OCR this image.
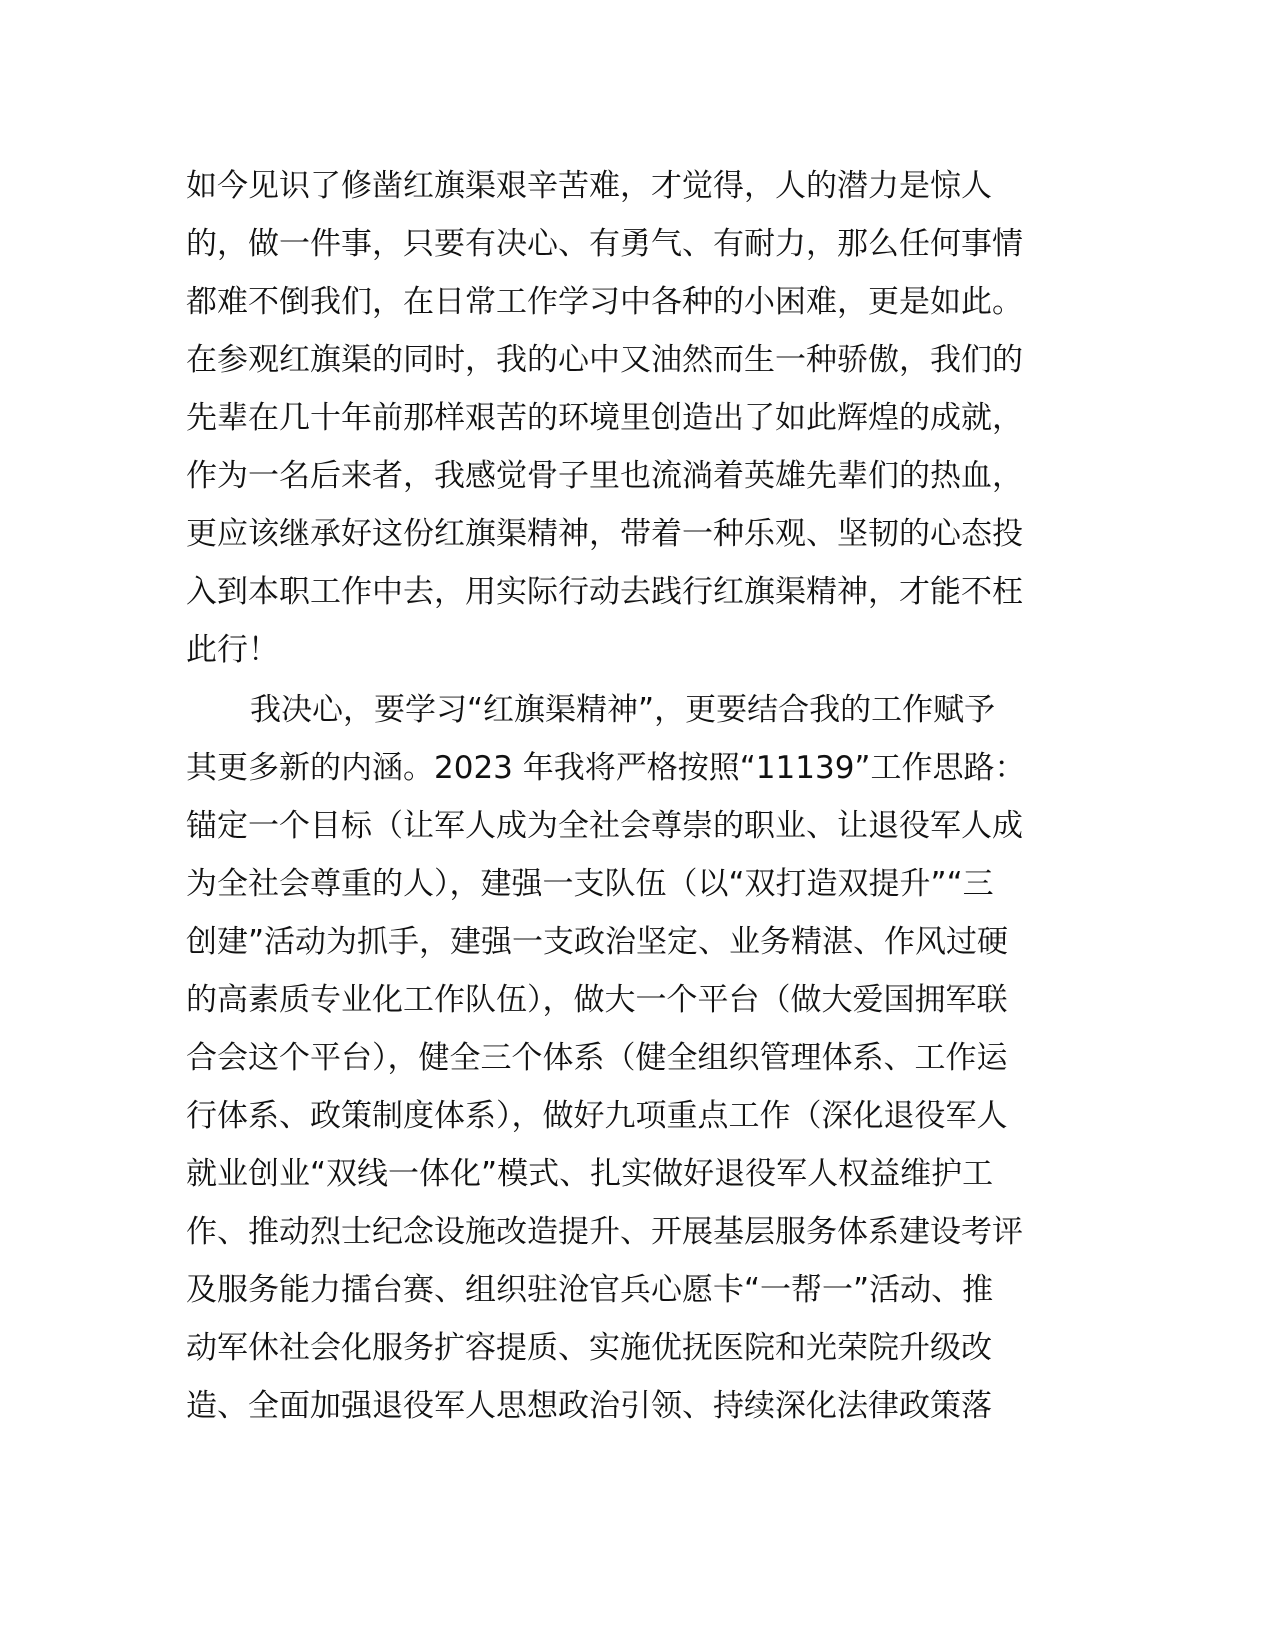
如今见识了修凿红旗渠艰辛苦难，才觉得，人的潜力是惊人
的，做一件事，只要有决心、有勇气、有耐力，那么任何事情
都难不倒我们，在日常工作学习中各种的小困难，更是如此。
在参观红旗渠的同时，我的心中又油然而生一种骄傲，我们的
先辈在几十年前那样艰苦的环境里创造出了如此辉煌的成就，
作为一名后来者，我感觉骨子里也流淌着英雄先辈们的热血，
更应该继承好这份红旗渠精神，带着一种乐观、坚韧的心态投
入到本职工作中去，用实际行动去践行红旗渠精神，才能不枉
此行！
我决心，要学习“红旗渠精神”，更要结合我的工作赋予
其更多新的内涵。2023 年我将严格按照“11139”工作思路：
锚定一个目标（让军人成为全社会尊崇的职业、让退役军人成
为全社会尊重的人），建强一支队伍（以“双打造双提升”“三
创建”活动为抓手，建强一支政治坚定、业务精湛、作风过硬
的高素质专业化工作队伍），做大一个平台（做大爱国拥军联
合会这个平台），健全三个体系（健全组织管理体系、工作运
行体系、政策制度体系），做好九项重点工作（深化退役军人
就业创业“双线一体化”模式、扎实做好退役军人权益维护工
作、推动烈士纪念设施改造提升、开展基层服务体系建设考评
及服务能力擂台赛、组织驻沧官兵心愿卡“一帮一”活动、推
动军休社会化服务扩容提质、实施优抚医院和光荣院升级改
造、全面加强退役军人思想政治引领、持续深化法律政策落
